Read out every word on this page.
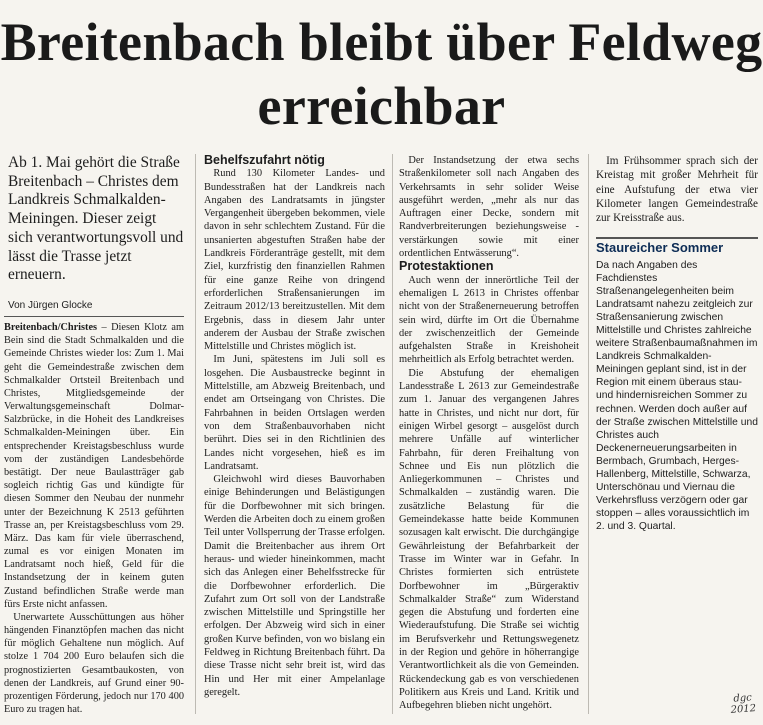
Breitenbach bleibt über Feldweg erreichbar
Ab 1. Mai gehört die Straße Breitenbach – Christes dem Landkreis Schmalkalden-Meiningen. Dieser zeigt sich verantwortungsvoll und lässt die Trasse jetzt erneuern.
Von Jürgen Glocke

Breitenbach/Christes – Diesen Klotz am Bein sind die Stadt Schmalkalden und die Gemeinde Christes wieder los: Zum 1. Mai geht die Gemeindestraße zwischen dem Schmalkalder Ortsteil Breitenbach und Christes, Mitgliedsgemeinde der Verwaltungsgemeinschaft Dolmar-Salzbrücke, in die Hoheit des Landkreises Schmalkalden-Meiningen über. Ein entsprechender Kreistagsbeschluss wurde vom der zuständigen Landesbehörde bestätigt. Der neue Baulastträger gab sogleich richtig Gas und kündigte für diesen Sommer den Neubau der nunmehr unter der Bezeichnung K 2513 geführten Trasse an, per Kreistagsbeschluss vom 29. März. Das kam für viele überraschend, zumal es vor einigen Monaten im Landratsamt noch hieß, Geld für die Instandsetzung der in keinem guten Zustand befindlichen Straße werde man fürs Erste nicht anfassen.

Unerwartete Ausschüttungen aus höher hängenden Finanztöpfen machen das nicht für möglich Gehaltene nun möglich. Auf stolze 1 704 200 Euro belaufen sich die prognostizierten Gesamtbaukosten, von denen der Landkreis, auf Grund einer 90-prozentigen Förderung, jedoch nur 170 400 Euro zu tragen hat.

Behelfszufahrt nötig

Rund 130 Kilometer Landes- und Bundesstraßen hat der Landkreis nach Angaben des Landratsamts in jüngster Vergangenheit übergeben bekommen, viele davon in sehr schlechtem Zustand. Für die unsanierten abgestuften Straßen habe der Landkreis Förderanträge gestellt, mit dem Ziel, kurzfristig den finanziellen Rahmen für eine ganze Reihe von dringend erforderlichen Straßensanierungen im Zeitraum 2012/13 bereitzustellen. Mit dem Ergebnis, dass in diesem Jahr unter anderem der Ausbau der Straße zwischen Mittelstille und Christes möglich ist.

Im Juni, spätestens im Juli soll es losgehen. Die Ausbaustrecke beginnt in Mittelstille, am Abzweig Breitenbach, und endet am Ortseingang von Christes. Die Fahrbahnen in beiden Ortslagen werden von dem Straßenbauvorhaben nicht berührt. Dies sei in den Richtlinien des Landes nicht vorgesehen, hieß es im Landratsamt.

Gleichwohl wird dieses Bauvorhaben einige Behinderungen und Belästigungen für die Dorfbewohner mit sich bringen. Werden die Arbeiten doch zu einem großen Teil unter Vollsperrung der Trasse erfolgen. Damit die Breitenbacher aus ihrem Ort heraus- und wieder hineinkommen, macht sich das Anlegen einer Behelfsstrecke für die Dorfbewohner erforderlich. Die Zufahrt zum Ort soll von der Landstraße zwischen Mittelstille und Springstille her erfolgen. Der Abzweig wird sich in einer großen Kurve befinden, von wo bislang ein Feldweg in Richtung Breitenbach führt. Da diese Trasse nicht sehr breit ist, wird das Hin und Her mit einer Ampelanlage geregelt.

Der Instandsetzung der etwa sechs Straßenkilometer soll nach Angaben des Verkehrsamts in sehr solider Weise ausgeführt werden, „mehr als nur das Auftragen einer Decke, sondern mit Randverbreiterungen beziehungsweise -verstärkungen sowie mit einer ordentlichen Entwässerung“.

Protestaktionen

Auch wenn der innerörtliche Teil der ehemaligen L 2613 in Christes offenbar nicht von der Straßenerneuerung betroffen sein wird, dürfte im Ort die Übernahme der zwischenzeitlich der Gemeinde aufgehalsten Straße in Kreishoheit mehrheitlich als Erfolg betrachtet werden.

Die Abstufung der ehemaligen Landesstraße L 2613 zur Gemeindestraße zum 1. Januar des vergangenen Jahres hatte in Christes, und nicht nur dort, für einigen Wirbel gesorgt – ausgelöst durch mehrere Unfälle auf winterlicher Fahrbahn, für deren Freihaltung von Schnee und Eis nun plötzlich die Anliegerkommunen – Christes und Schmalkalden – zuständig waren. Die zusätzliche Belastung für die Gemeindekasse hatte beide Kommunen sozusagen kalt erwischt. Die durchgängige Gewährleistung der Befahrbarkeit der Trasse im Winter war in Gefahr. In Christes formierten sich entrüstete Dorfbewohner im „Bürgeraktiv Schmalkalder Straße“ zum Widerstand gegen die Abstufung und forderten eine Wiederaufstufung. Die Straße sei wichtig im Berufsverkehr und Rettungswegenetz in der Region und gehöre in höherrangige Verantwortlichkeit als die von Gemeinden. Rückendeckung gab es von verschiedenen Politikern aus Kreis und Land. Kritik und Aufbegehren blieben nicht ungehört.

Im Frühsommer sprach sich der Kreistag mit großer Mehrheit für eine Aufstufung der etwa vier Kilometer langen Gemeindestraße zur Kreisstraße aus.

Staureicher Sommer

Da nach Angaben des Fachdienstes Straßenangelegenheiten beim Landratsamt nahezu zeitgleich zur Straßensanierung zwischen Mittelstille und Christes zahlreiche weitere Straßenbaumaßnahmen im Landkreis Schmalkalden-Meiningen geplant sind, ist in der Region mit einem überaus stau- und hindernisreichen Sommer zu rechnen. Werden doch außer auf der Straße zwischen Mittelstille und Christes auch Deckenerneuerungsarbeiten in Bermbach, Grumbach, Herges-Hallenberg, Mittelstille, Schwarza, Unterschönau und Viernau die Verkehrsfluss verzögern oder gar stoppen – alles voraussichtlich im 2. und 3. Quartal.

dgc
2012
